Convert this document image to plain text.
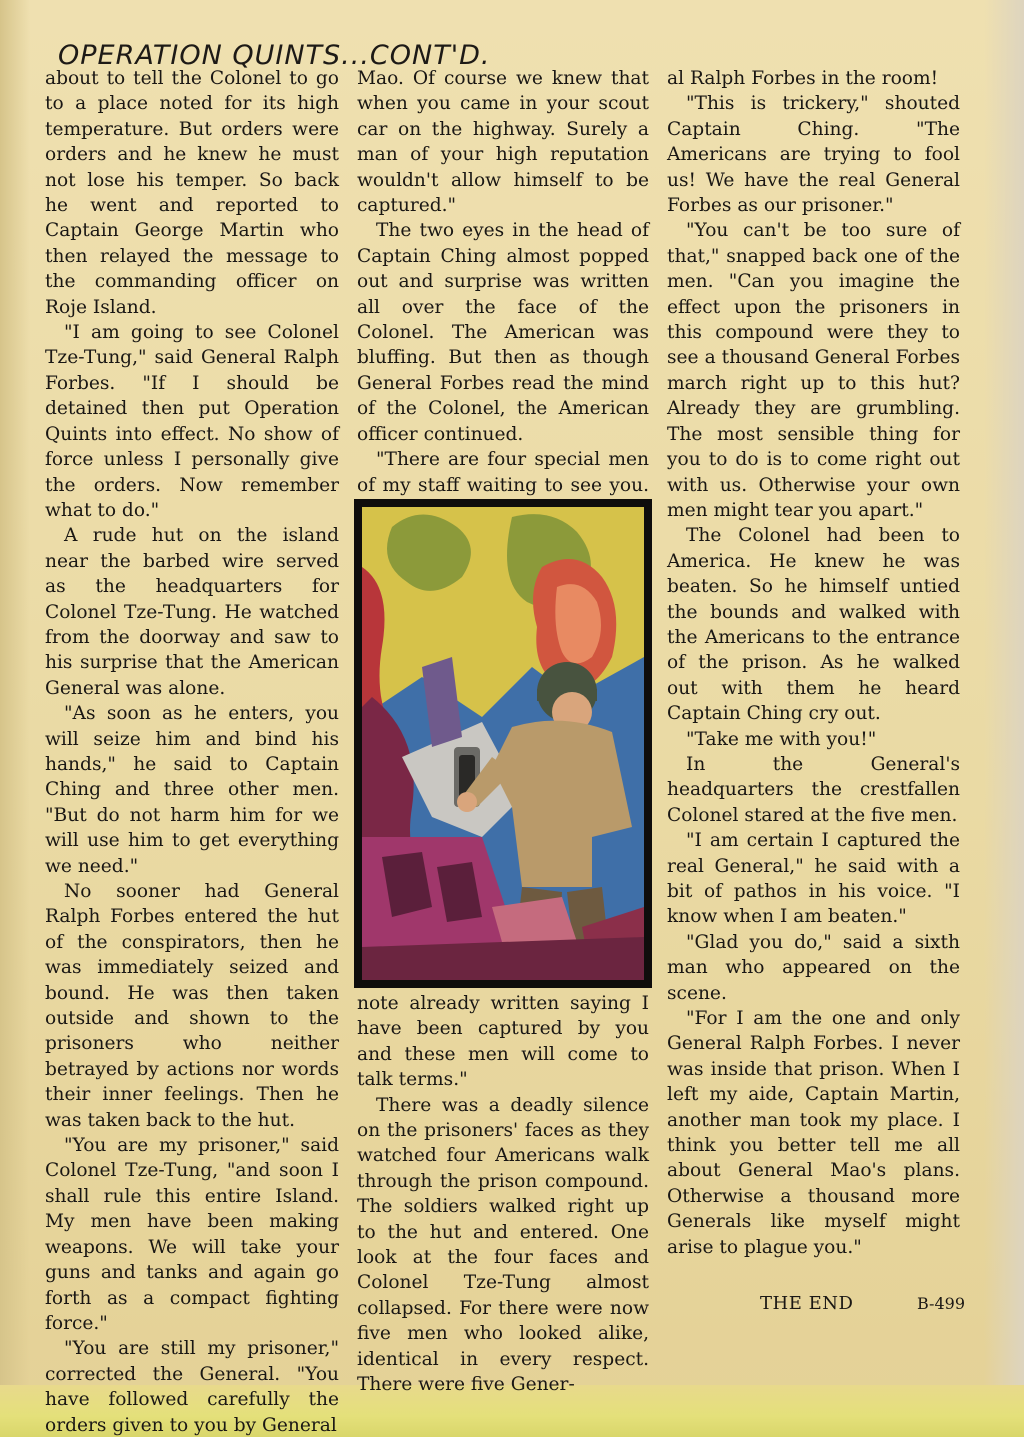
OPERATION QUINTS...CONT'D.

about to tell the Colonel to go to a place noted for its high temperature. But orders were orders and he knew he must not lose his temper. So back he went and reported to Captain George Martin who then relayed the message to the commanding officer on Roje Island.

"I am going to see Colonel Tze-Tung," said General Ralph Forbes. "If I should be detained then put Operation Quints into effect. No show of force unless I personally give the orders. Now remember what to do."

A rude hut on the island near the barbed wire served as the headquarters for Colonel Tze-Tung. He watched from the doorway and saw to his surprise that the American General was alone.

"As soon as he enters, you will seize him and bind his hands," he said to Captain Ching and three other men. "But do not harm him for we will use him to get everything we need."

No sooner had General Ralph Forbes entered the hut of the conspirators, then he was immediately seized and bound. He was then taken outside and shown to the prisoners who neither betrayed by actions nor words their inner feelings. Then he was taken back to the hut.

"You are my prisoner," said Colonel Tze-Tung, "and soon I shall rule this entire Island. My men have been making weapons. We will take your guns and tanks and again go forth as a compact fighting force."

"You are still my prisoner," corrected the General. "You have followed carefully the orders given to you by General

Mao. Of course we knew that when you came in your scout car on the highway. Surely a man of your high reputation wouldn't allow himself to be captured."

The two eyes in the head of Captain Ching almost popped out and surprise was written all over the face of the Colonel. The American was bluffing. But then as though General Forbes read the mind of the Colonel, the American officer continued.

"There are four special men of my staff waiting to see you.

note already written saying I have been captured by you and these men will come to talk terms."

There was a deadly silence on the prisoners' faces as they watched four Americans walk through the prison compound. The soldiers walked right up to the hut and entered. One look at the four faces and Colonel Tze-Tung almost collapsed. For there were now five men who looked alike, identical in every respect. There were five Gener-

al Ralph Forbes in the room!

"This is trickery," shouted Captain Ching. "The Americans are trying to fool us! We have the real General Forbes as our prisoner."

"You can't be too sure of that," snapped back one of the men. "Can you imagine the effect upon the prisoners in this compound were they to see a thousand General Forbes march right up to this hut? Already they are grumbling. The most sensible thing for you to do is to come right out with us. Otherwise your own men might tear you apart."

The Colonel had been to America. He knew he was beaten. So he himself untied the bounds and walked with the Americans to the entrance of the prison. As he walked out with them he heard Captain Ching cry out.

"Take me with you!"

In the General's headquarters the crestfallen Colonel stared at the five men.

"I am certain I captured the real General," he said with a bit of pathos in his voice. "I know when I am beaten."

"Glad you do," said a sixth man who appeared on the scene.

"For I am the one and only General Ralph Forbes. I never was inside that prison. When I left my aide, Captain Martin, another man took my place. I think you better tell me all about General Mao's plans. Otherwise a thousand more Generals like myself might arise to plague you."

THE END	B-499
